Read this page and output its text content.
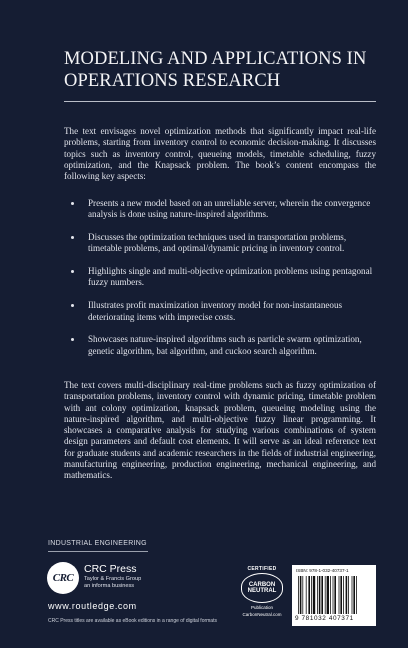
MODELING AND APPLICATIONS IN OPERATIONS RESEARCH

The text envisages novel optimization methods that significantly impact real-life problems, starting from inventory control to economic decision-making. It discusses topics such as inventory control, queueing models, timetable scheduling, fuzzy optimization, and the Knapsack problem. The book’s content encompass the following key aspects:

Presents a new model based on an unreliable server, wherein the convergence analysis is done using nature-inspired algorithms.
Discusses the optimization techniques used in transportation problems, timetable problems, and optimal/dynamic pricing in inventory control.
Highlights single and multi-objective optimization problems using pentagonal fuzzy numbers.
Illustrates profit maximization inventory model for non-instantaneous deteriorating items with imprecise costs.
Showcases nature-inspired algorithms such as particle swarm optimization, genetic algorithm, bat algorithm, and cuckoo search algorithm.

The text covers multi-disciplinary real-time problems such as fuzzy optimization of transportation problems, inventory control with dynamic pricing, timetable problem with ant colony optimization, knapsack problem, queueing modeling using the nature-inspired algorithm, and multi-objective fuzzy linear programming. It showcases a comparative analysis for studying various combinations of system design parameters and default cost elements. It will serve as an ideal reference text for graduate students and academic researchers in the fields of industrial engineering, manufacturing engineering, production engineering, mechanical engineering, and mathematics.

INDUSTRIAL ENGINEERING
CRC
CRC Press
Taylor & Francis Group
an informa business
www.routledge.com
CRC Press titles are available as eBook editions in a range of digital formats
CERTIFIED
CARBON
NEUTRAL
Publication
CarbonNeutral.com
ISBN: 978-1-032-40737-1
9 781032 407371
